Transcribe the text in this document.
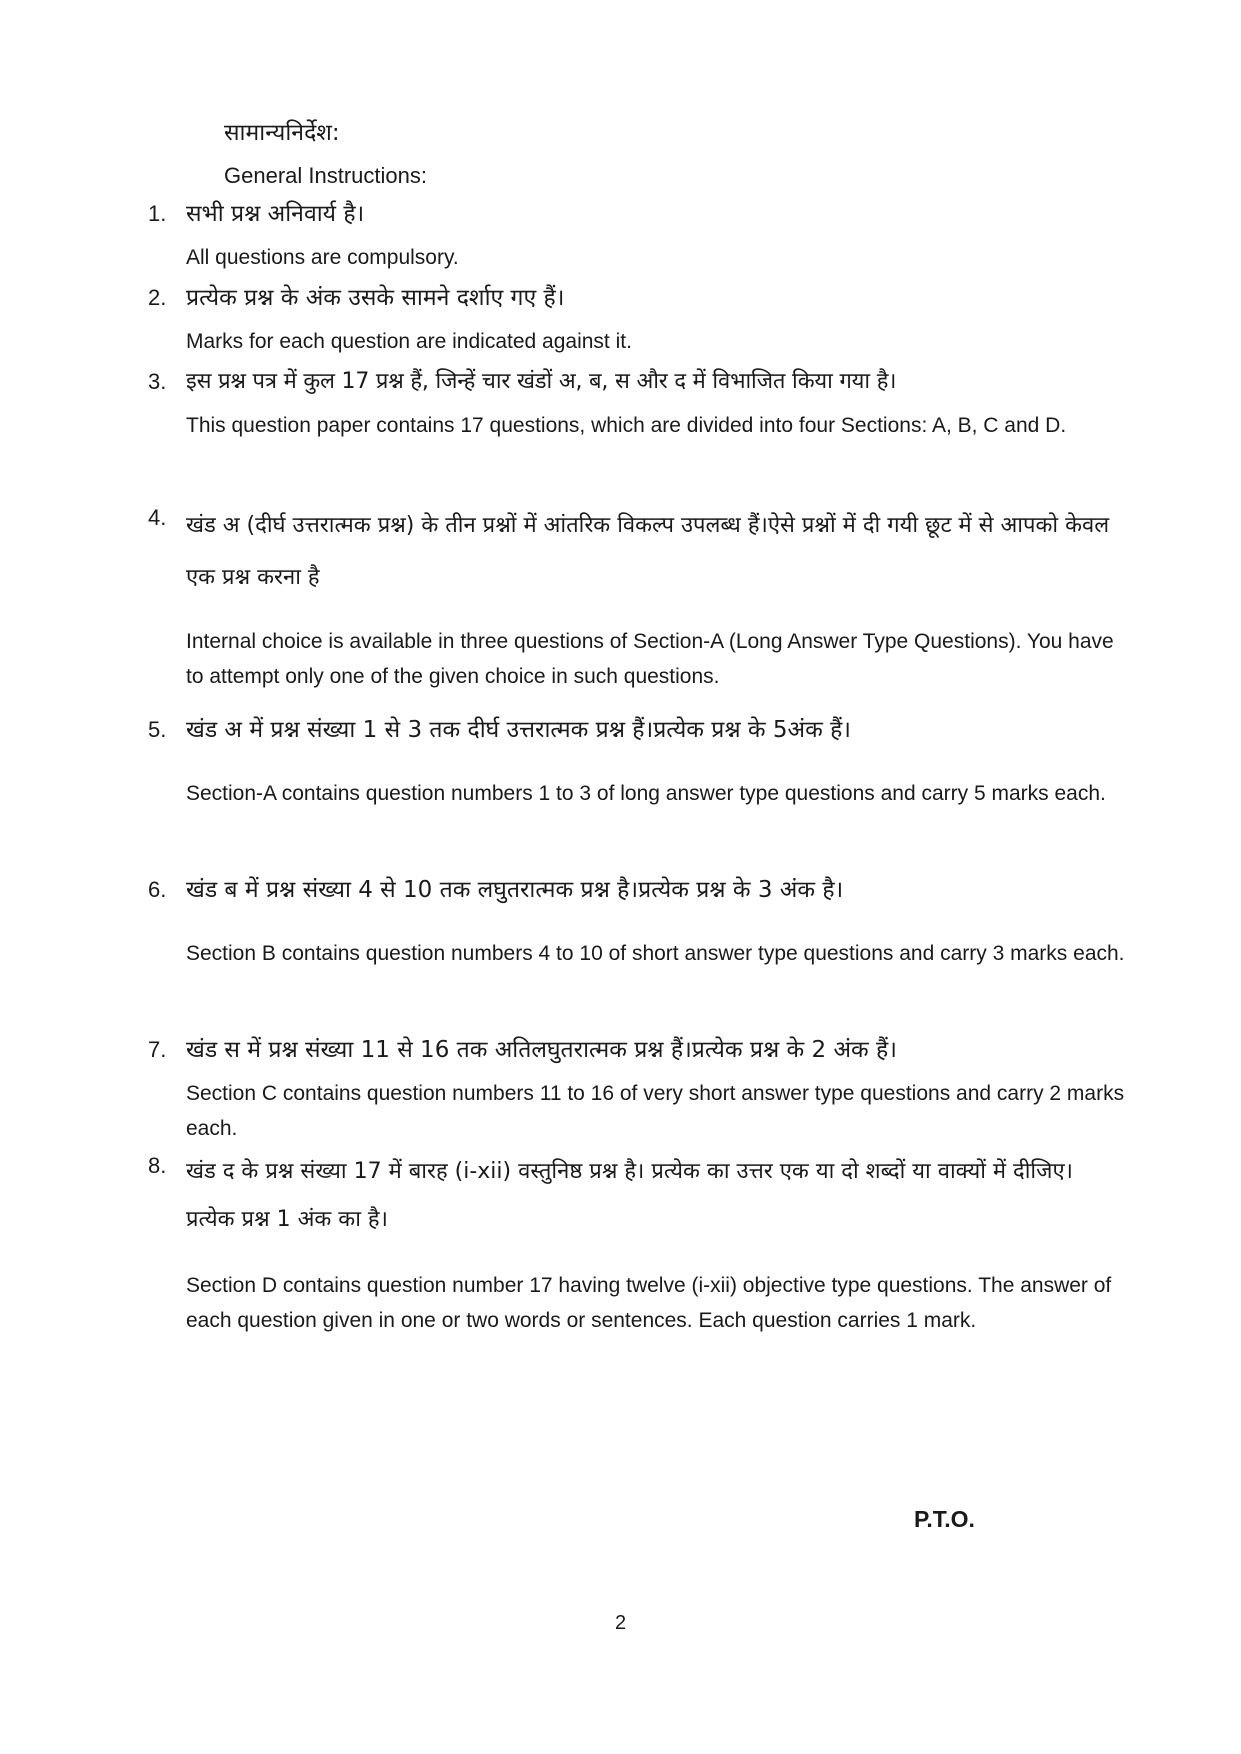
सामान्यनिर्देश:
General Instructions:
1. सभी प्रश्न अनिवार्य है।
All questions are compulsory.
2. प्रत्येक प्रश्न के अंक उसके सामने दर्शाए गए हैं।
Marks for each question are indicated against it.
3. इस प्रश्न पत्र में कुल 17 प्रश्न हैं, जिन्हें चार खंडों अ, ब, स और द में विभाजित किया गया है।
This question paper contains 17 questions, which are divided into four Sections: A, B, C and D.
4. खंड अ (दीर्घ उत्तरात्मक प्रश्न) के तीन प्रश्नों में आंतरिक विकल्प उपलब्ध हैं।ऐसे प्रश्नों में दी गयी छूट में से आपको केवल एक प्रश्न करना है
Internal choice is available in three questions of Section-A (Long Answer Type Questions). You have to attempt only one of the given choice in such questions.
5. खंड अ में प्रश्न संख्या 1 से 3 तक दीर्घ उत्तरात्मक प्रश्न हैं।प्रत्येक प्रश्न के 5अंक हैं।
Section-A contains question numbers 1 to 3 of long answer type questions and carry 5 marks each.
6. खंड ब में प्रश्न संख्या 4 से 10 तक लघुतरात्मक प्रश्न है।प्रत्येक प्रश्न के 3 अंक है।
Section B contains question numbers 4 to 10 of short answer type questions and carry 3 marks each.
7. खंड स में प्रश्न संख्या 11 से 16 तक अतिलघुतरात्मक प्रश्न हैं।प्रत्येक प्रश्न के 2 अंक हैं।
Section C contains question numbers 11 to 16 of very short answer type questions and carry 2 marks each.
8. खंड द के प्रश्न संख्या 17 में बारह (i-xii) वस्तुनिष्ठ प्रश्न है। प्रत्येक का उत्तर एक या दो शब्दों या वाक्यों में दीजिए।प्रत्येक प्रश्न 1 अंक का है।
Section D contains question number 17 having twelve (i-xii) objective type questions. The answer of each question given in one or two words or sentences. Each question carries 1 mark.
P.T.O.
2
